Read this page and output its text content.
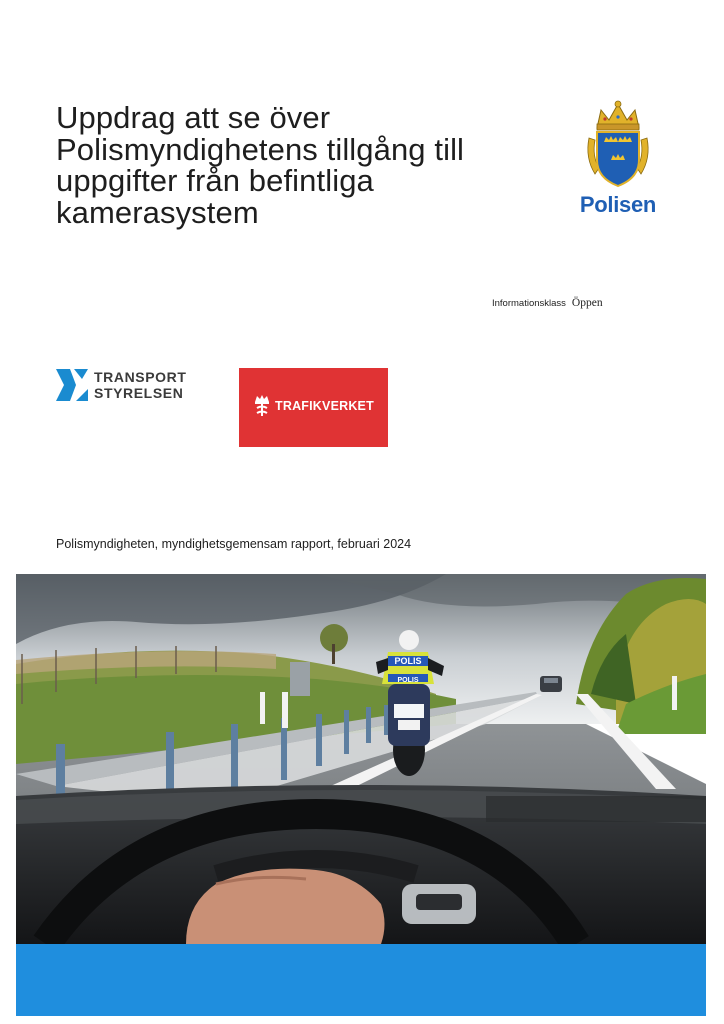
Uppdrag att se över
Polismyndighetens tillgång till
uppgifter från befintliga
kamerasystem	Polisen
Informationsklass Öppen
TRANSPORT
STYRELSEN
TRAFIKVERKET
Polismyndigheten, myndighetsgemensam rapport, februari 2024
POLIS
POLIS
